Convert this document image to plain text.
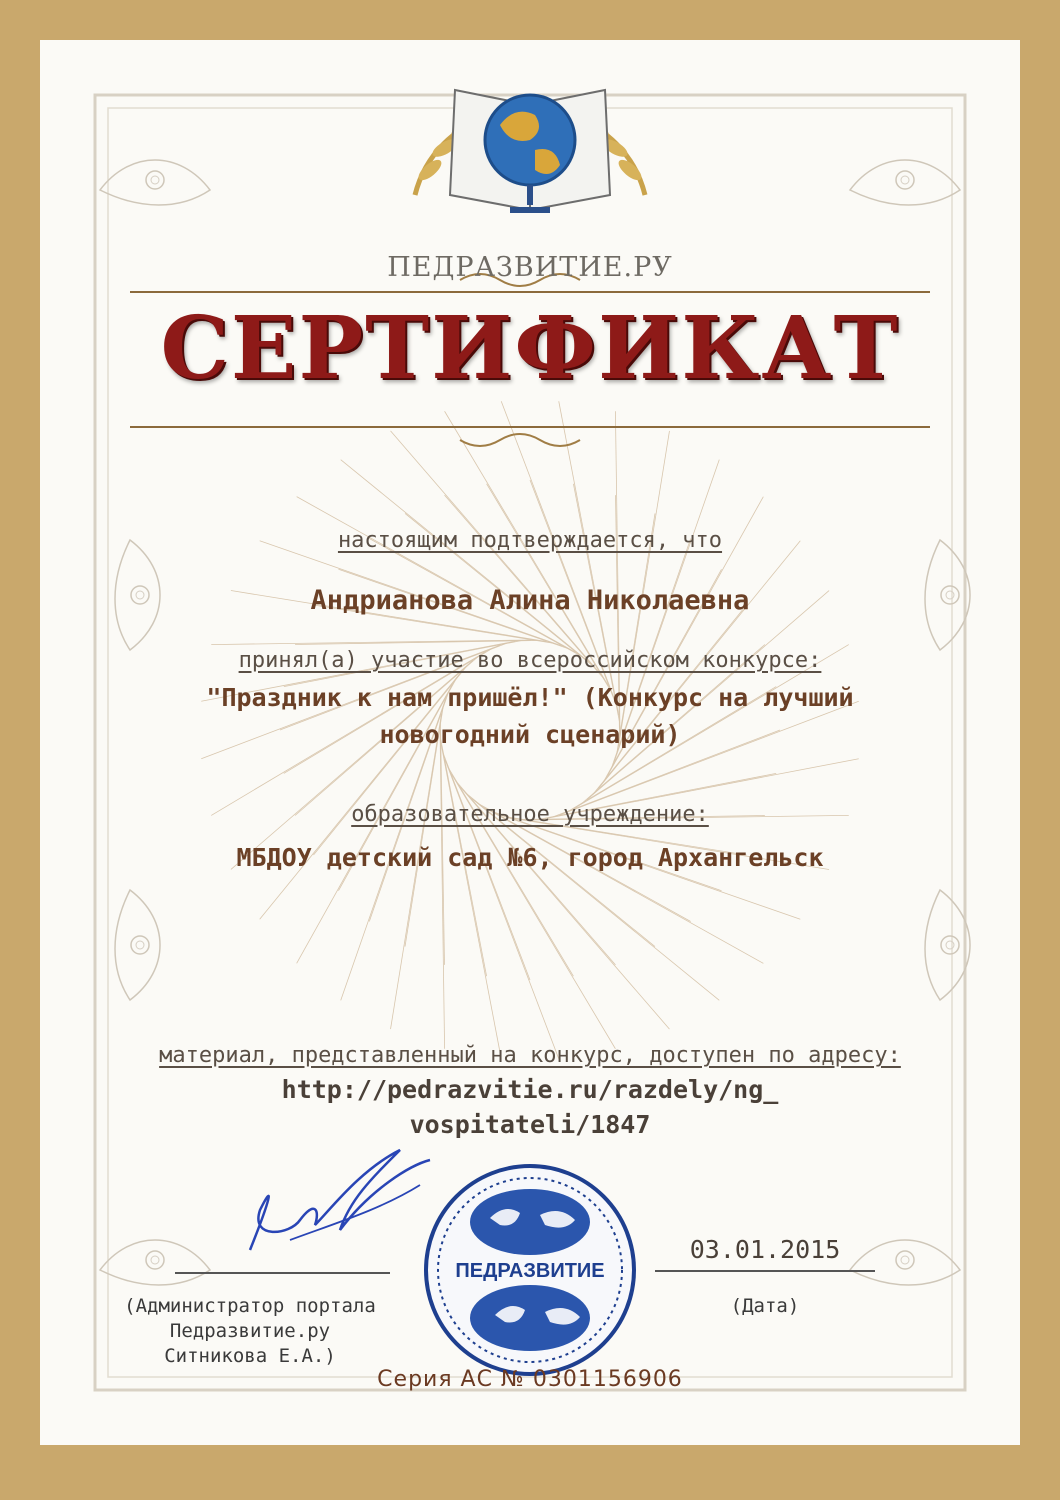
ПЕДРАЗВИТИЕ.РУ
СЕРТИФИКАТ
настоящим подтверждается, что
Андрианова Алина Николаевна
принял(а) участие во всероссийском конкурсе:
"Праздник к нам пришёл!" (Конкурс на лучший
новогодний сценарий)
образовательное учреждение:
МБДОУ детский сад №6, город Архангельск
материал, представленный на конкурс, доступен по адресу:
http://pedrazvitie.ru/razdely/ng_
vospitateli/1847
(Администратор портала
Педразвитие.ру
Ситникова Е.А.)
ПЕДРАЗВИТИЕ
03.01.2015
(Дата)
Серия АС № 0301156906
